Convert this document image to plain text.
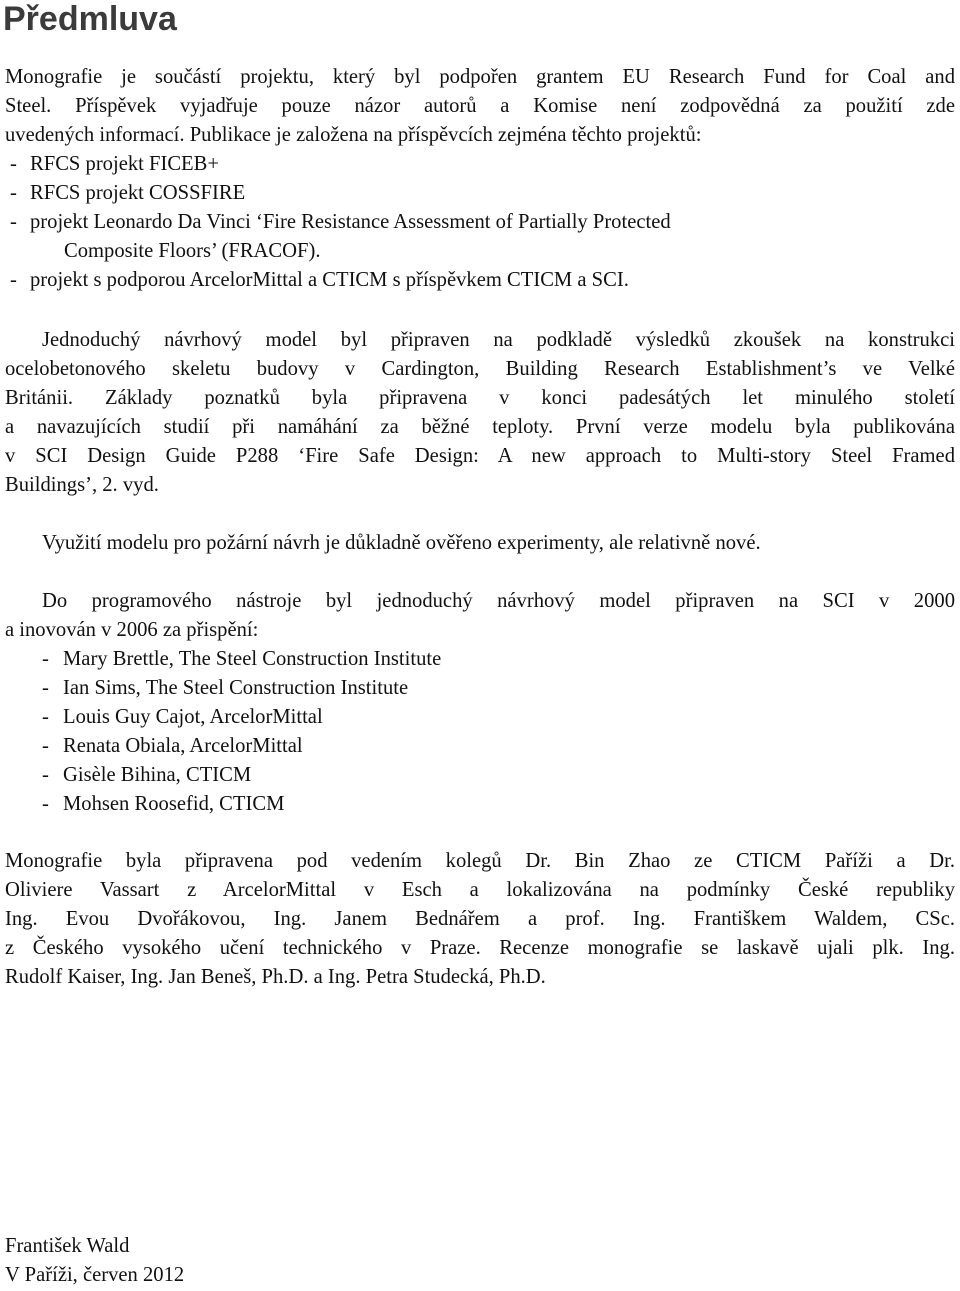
Předmluva
Monografie je součástí projektu, který byl podpořen grantem EU Research Fund for Coal and
Steel. Příspěvek vyjadřuje pouze názor autorů a Komise není zodpovědná za použití zde
uvedených informací. Publikace je založena na příspěvcích zejména těchto projektů:
- RFCS projekt FICEB+
- RFCS projekt COSSFIRE
- projekt Leonardo Da Vinci ‘Fire Resistance Assessment of Partially Protected
Composite Floors’ (FRACOF).
- projekt s podporou ArcelorMittal a CTICM s příspěvkem CTICM a SCI.
Jednoduchý návrhový model byl připraven na podkladě výsledků zkoušek na konstrukci
ocelobetonového skeletu budovy v Cardington, Building Research Establishment’s ve Velké
Británii. Základy poznatků byla připravena v konci padesátých let minulého století
a navazujících studií při namáhání za běžné teploty. První verze modelu byla publikována
v SCI Design Guide P288 ‘Fire Safe Design: A new approach to Multi-story Steel Framed
Buildings’, 2. vyd.
Využití modelu pro požární návrh je důkladně ověřeno experimenty, ale relativně nové.
Do programového nástroje byl jednoduchý návrhový model připraven na SCI v 2000
a inovován v 2006 za přispění:
- Mary Brettle, The Steel Construction Institute
- Ian Sims, The Steel Construction Institute
- Louis Guy Cajot, ArcelorMittal
- Renata Obiala, ArcelorMittal
- Gisèle Bihina, CTICM
- Mohsen Roosefid, CTICM
Monografie byla připravena pod vedením kolegů Dr. Bin Zhao ze CTICM Paříži a Dr.
Oliviere Vassart z ArcelorMittal v Esch a lokalizována na podmínky České republiky
Ing. Evou Dvořákovou, Ing. Janem Bednářem a prof. Ing. Františkem Waldem, CSc.
z Českého vysokého učení technického v Praze. Recenze monografie se laskavě ujali plk. Ing.
Rudolf Kaiser, Ing. Jan Beneš, Ph.D. a Ing. Petra Studecká, Ph.D.
František Wald
V Paříži, červen 2012
